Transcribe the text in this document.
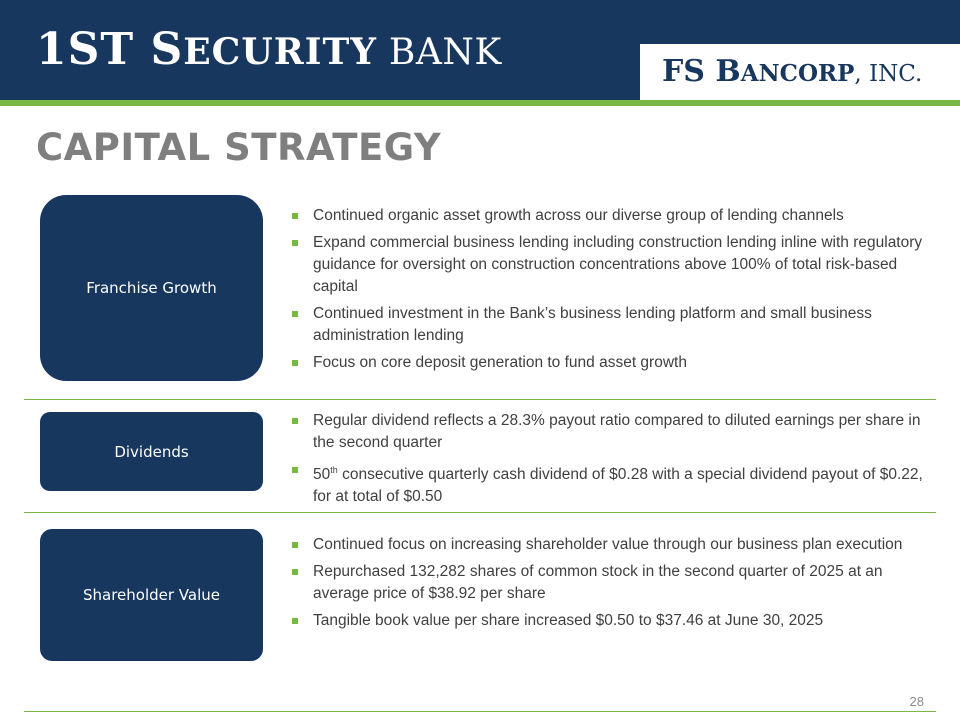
1ST SECURITY BANK	FS BANCORP, INC.
CAPITAL STRATEGY
Franchise Growth
Continued organic asset growth across our diverse group of lending channels
Expand commercial business lending including construction lending inline with regulatory guidance for oversight on construction concentrations above 100% of total risk-based capital
Continued investment in the Bank’s business lending platform and small business administration lending
Focus on core deposit generation to fund asset growth
Dividends
Regular dividend reflects a 28.3% payout ratio compared to diluted earnings per share in the second quarter
50th consecutive quarterly cash dividend of $0.28 with a special dividend payout of $0.22, for at total of $0.50
Shareholder Value
Continued focus on increasing shareholder value through our business plan execution
Repurchased 132,282 shares of common stock in the second quarter of 2025 at an average price of $38.92 per share
Tangible book value per share increased $0.50 to $37.46 at June 30, 2025
28
